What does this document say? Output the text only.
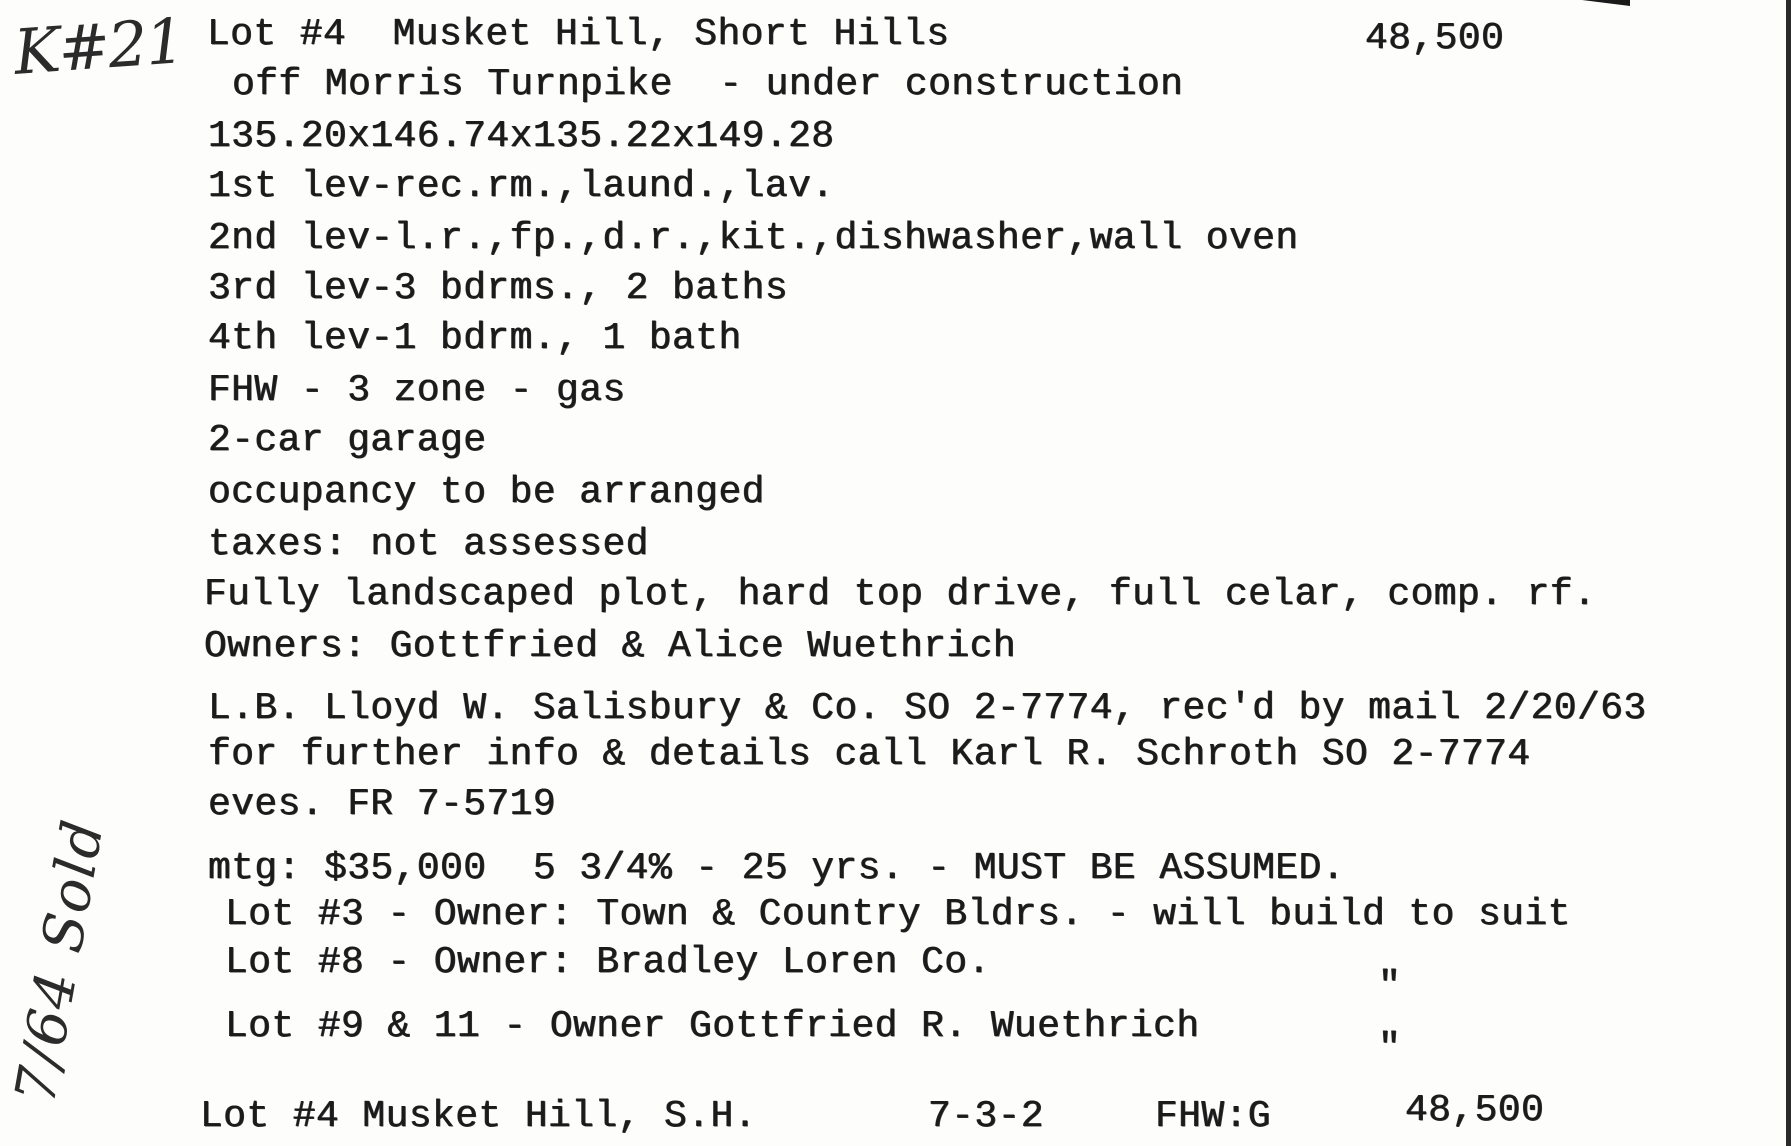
K#21
7/64 Sold
48,500
Lot #4  Musket Hill, Short Hills
off Morris Turnpike  - under construction
135.20x146.74x135.22x149.28
1st lev-rec.rm.,laund.,lav.
2nd lev-l.r.,fp.,d.r.,kit.,dishwasher,wall oven
3rd lev-3 bdrms., 2 baths
4th lev-1 bdrm., 1 bath
FHW - 3 zone - gas
2-car garage
occupancy to be arranged
taxes: not assessed
Fully landscaped plot, hard top drive, full celar, comp. rf.
Owners: Gottfried & Alice Wuethrich
L.B. Lloyd W. Salisbury & Co. SO 2-7774, rec'd by mail 2/20/63
for further info & details call Karl R. Schroth SO 2-7774
eves. FR 7-5719
mtg: $35,000  5 3/4% - 25 yrs. - MUST BE ASSUMED.
Lot #3 - Owner: Town & Country Bldrs. - will build to suit
Lot #8 - Owner: Bradley Loren Co.
"
Lot #9 & 11 - Owner Gottfried R. Wuethrich
"
Lot #4 Musket Hill, S.H.	7-3-2	FHW:G	48,500
